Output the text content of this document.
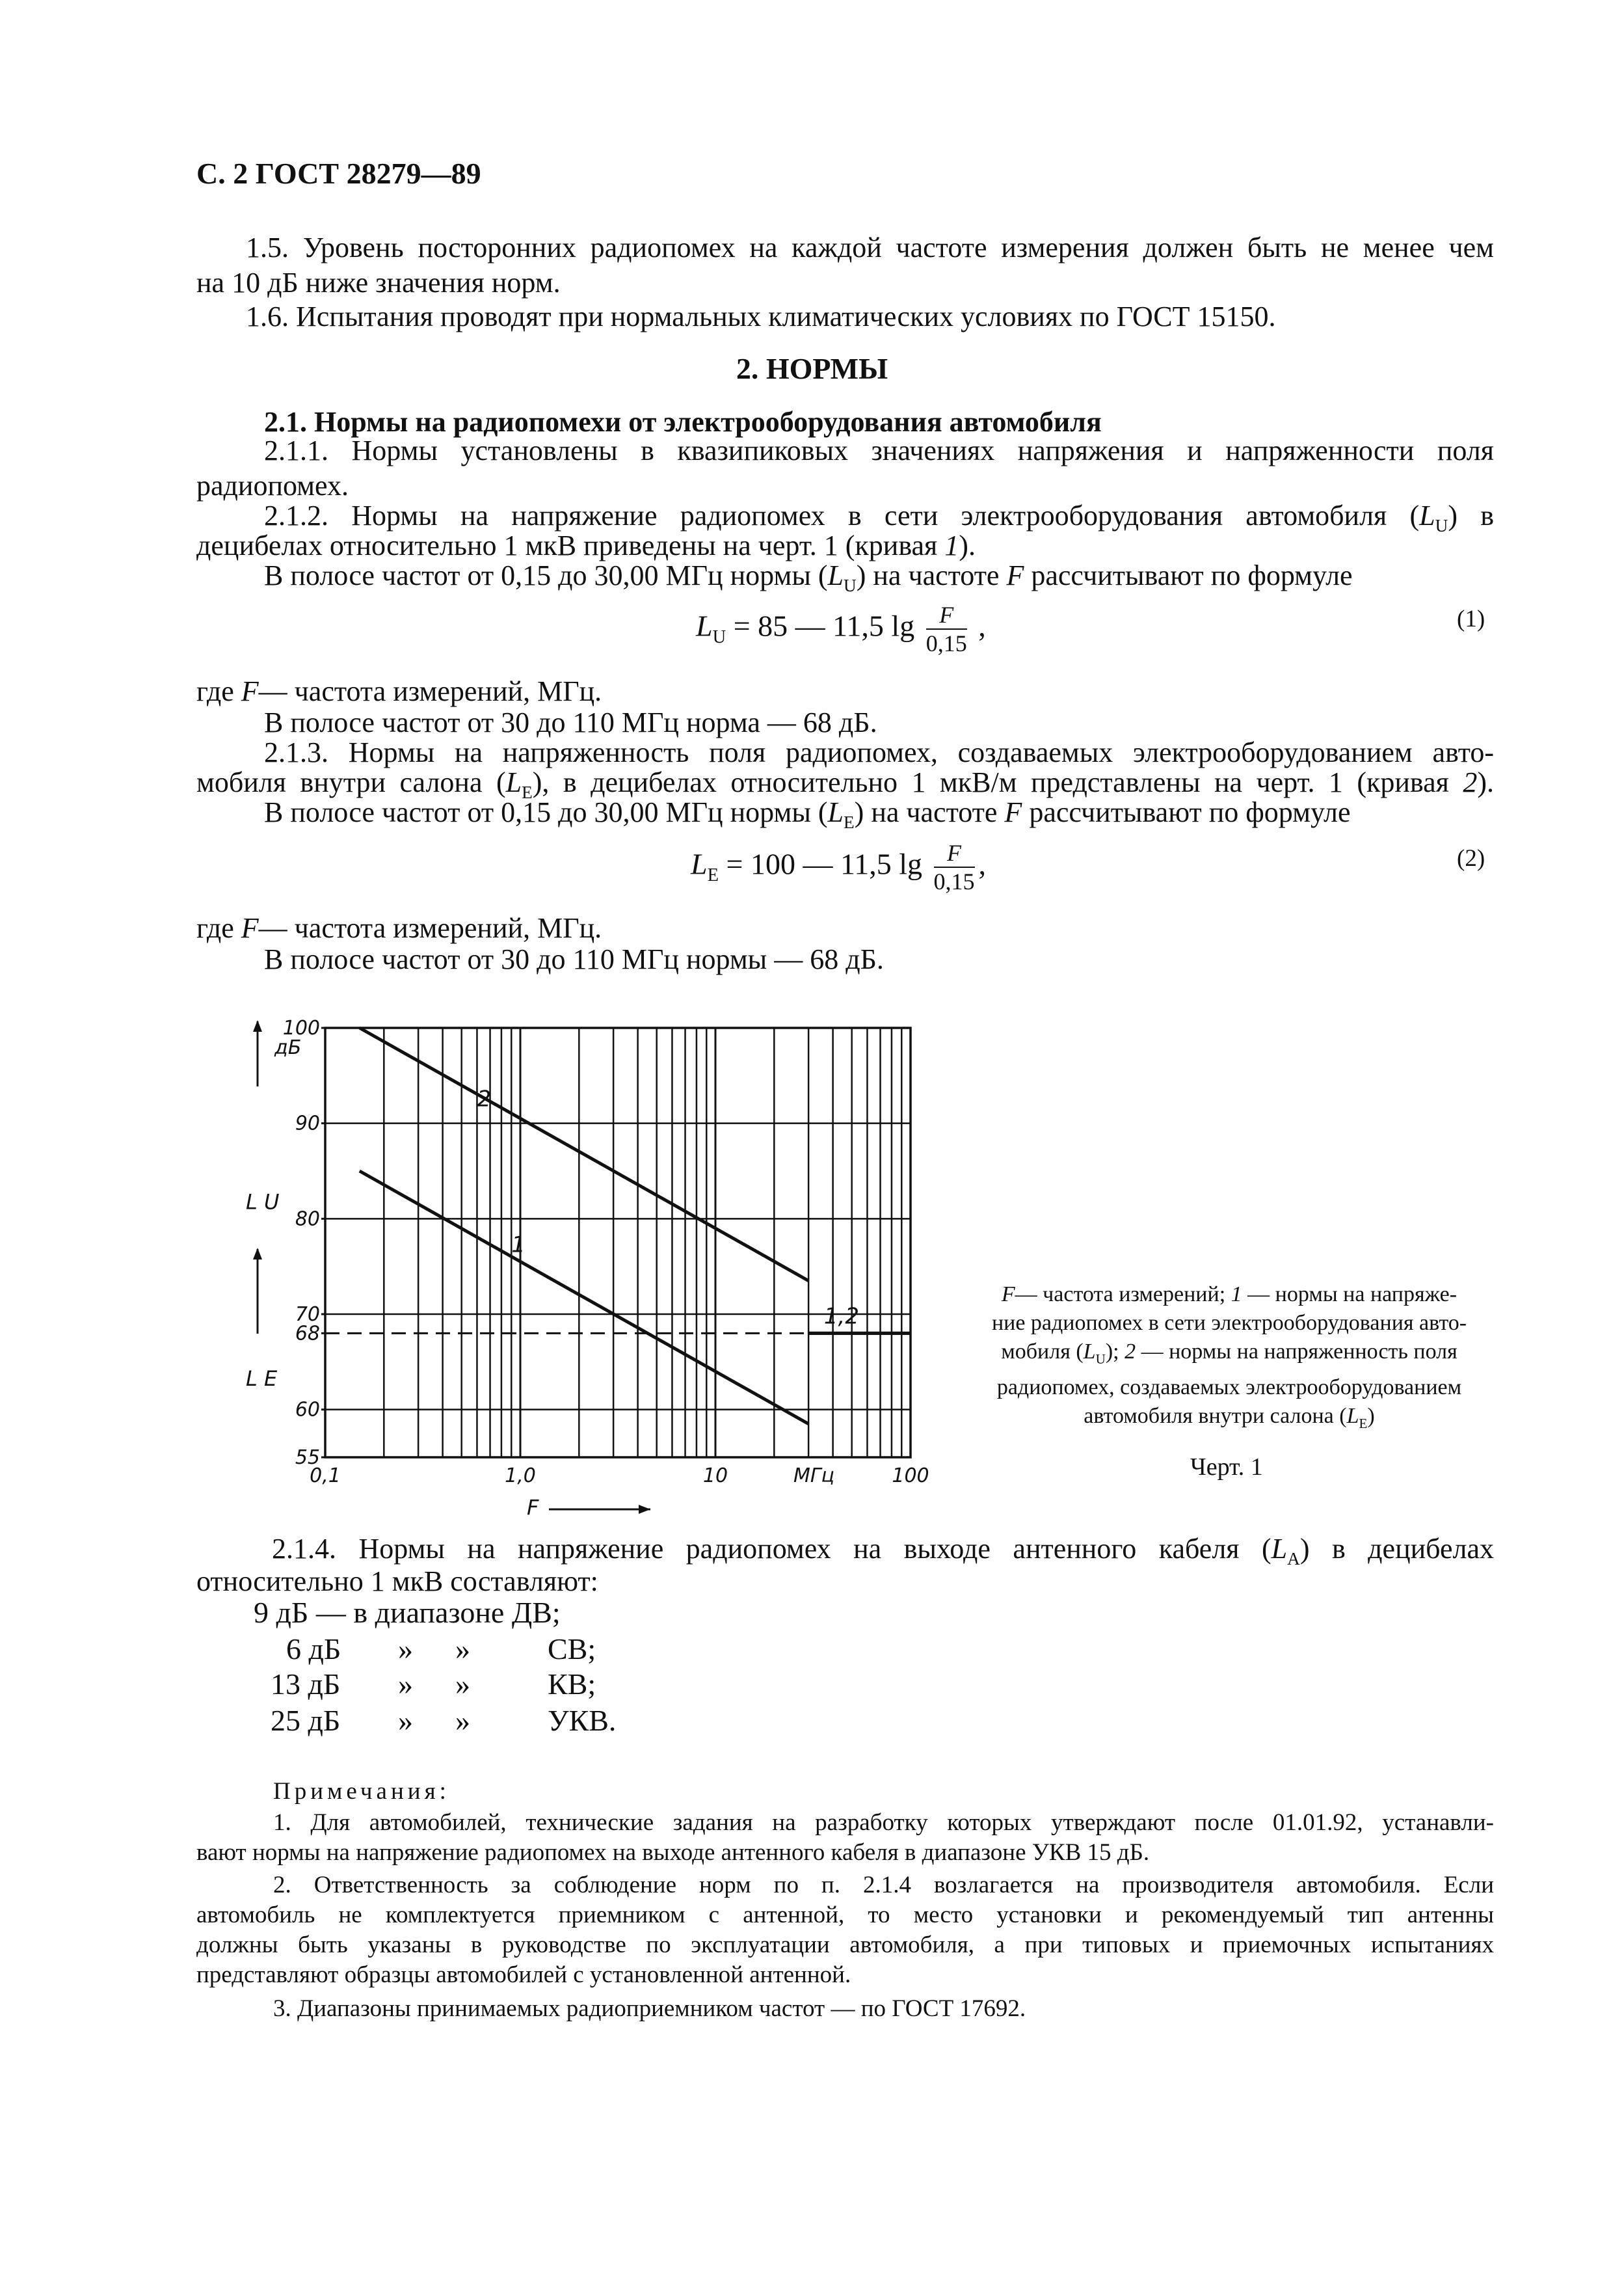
С. 2 ГОСТ 28279—89
1.5. Уровень посторонних радиопомех на каждой частоте измерения должен быть не менее чем
на 10 дБ ниже значения норм.
1.6. Испытания проводят при нормальных климатических условиях по ГОСТ 15150.
2. НОРМЫ
2.1. Нормы на радиопомехи от электрооборудования автомобиля
2.1.1. Нормы установлены в квазипиковых значениях напряжения и напряженности поля
радиопомех.
2.1.2. Нормы на напряжение радиопомех в сети электрооборудования автомобиля $(L_U)$ в
децибелах относительно 1 мкВ приведены на черт. 1 (кривая 1).
В полосе частот от 0,15 до 30,00 МГц нормы $(L_U)$ на частоте F рассчитывают по формуле
$L_U = 85$ — 11,5 $\lg \frac{F}{0,15}$ ,	(1)
где F— частота измерений, МГц.
В полосе частот от 30 до 110 МГц норма — 68 дБ.
2.1.3. Нормы на напряженность поля радиопомех, создаваемых электрооборудованием авто-
мобиля внутри салона $(L_E)$, в децибелах относительно 1 мкВ/м представлены на черт. 1 (кривая 2).
В полосе частот от 0,15 до 30,00 МГц нормы $(L_E)$ на частоте F рассчитывают по формуле
$L_E = 100$ — 11,5 $\lg \frac{F}{0,15}$ ,	(2)
где F— частота измерений, МГц.
В полосе частот от 30 до 110 МГц нормы — 68 дБ.
100
90
80
70
68
60
55
0,1	1,0	10	МГц	100
F
дБ
L U
L E
2
1
1,2
F— частота измерений; 1 — нормы на напряже-
ние радиопомех в сети электрооборудования авто-
мобиля $(L_U)$; 2 — нормы на напряженность поля
радиопомех, создаваемых электрооборудованием
автомобиля внутри салона $(L_E)$
Черт. 1
2.1.4. Нормы на напряжение радиопомех на выходе антенного кабеля $(L_A)$ в децибелах
относительно 1 мкВ составляют:
9 дБ — в диапазоне ДВ;
6 дБ » »	СВ;
13 дБ » »	КВ;
25 дБ » »	УКВ.
Примечания:
1. Для автомобилей, технические задания на разработку которых утверждают после 01.01.92, устанавли-
вают нормы на напряжение радиопомех на выходе антенного кабеля в диапазоне УКВ 15 дБ.
2. Ответственность за соблюдение норм по п. 2.1.4 возлагается на производителя автомобиля. Если
автомобиль не комплектуется приемником с антенной, то место установки и рекомендуемый тип антенны
должны быть указаны в руководстве по эксплуатации автомобиля, а при типовых и приемочных испытаниях
представляют образцы автомобилей с установленной антенной.
3. Диапазоны принимаемых радиоприемником частот — по ГОСТ 17692.
